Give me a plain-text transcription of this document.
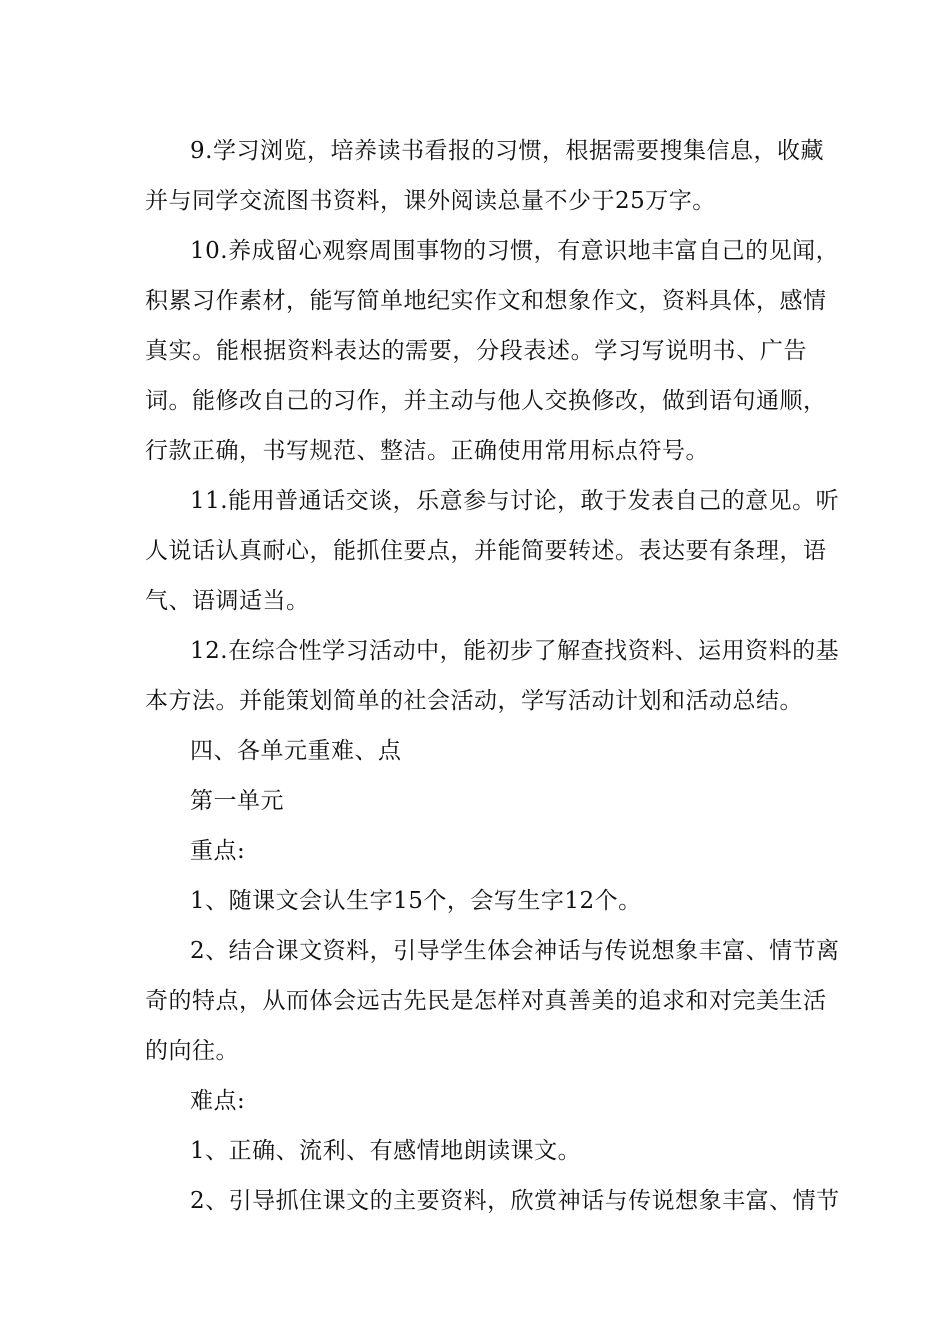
9.学习浏览，培养读书看报的习惯，根据需要搜集信息，收藏
并与同学交流图书资料，课外阅读总量不少于25万字。
10.养成留心观察周围事物的习惯，有意识地丰富自己的见闻，
积累习作素材，能写简单地纪实作文和想象作文，资料具体，感情
真实。能根据资料表达的需要，分段表述。学习写说明书、广告
词。能修改自己的习作，并主动与他人交换修改，做到语句通顺，
行款正确，书写规范、整洁。正确使用常用标点符号。
11.能用普通话交谈，乐意参与讨论，敢于发表自己的意见。听
人说话认真耐心，能抓住要点，并能简要转述。表达要有条理，语
气、语调适当。
12.在综合性学习活动中，能初步了解查找资料、运用资料的基
本方法。并能策划简单的社会活动，学写活动计划和活动总结。
四、各单元重难、点
第一单元
重点:
1、随课文会认生字15个，会写生字12个。
2、结合课文资料，引导学生体会神话与传说想象丰富、情节离
奇的特点，从而体会远古先民是怎样对真善美的追求和对完美生活
的向往。
难点:
1、正确、流利、有感情地朗读课文。
2、引导抓住课文的主要资料，欣赏神话与传说想象丰富、情节
